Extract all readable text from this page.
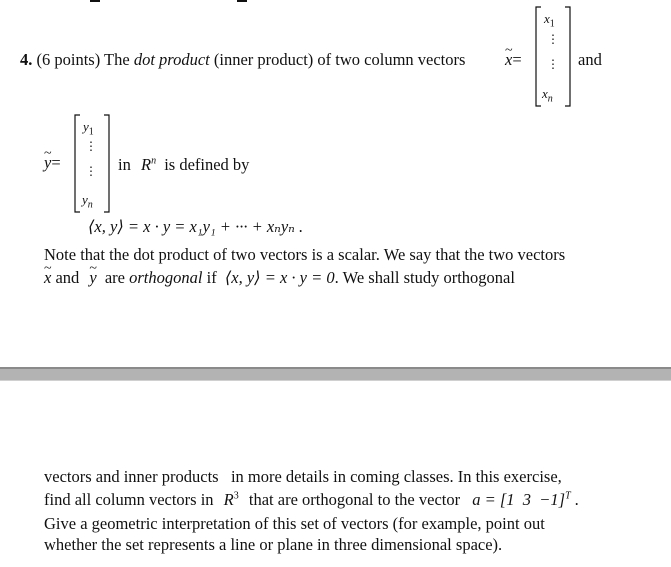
4. (6 points) The dot product (inner product) of two column vectors ~ x=
$x_1$
⋮
⋮
$x_n$
and
~ y=
$y_1$
⋮
⋮
$y_n$
in $R^n$ is defined by
⟨x, y⟩ = x · y = x₁y₁ + ··· + xₙyₙ .
Note that the dot product of two vectors is a scalar. We say that the two vectors
~ x and ~ y are orthogonal if ⟨x, y⟩ = x · y = 0. We shall study orthogonal
vectors and inner products   in more details in coming classes. In this exercise,
find all column vectors in $R^3$ that are orthogonal to the vector a = [1  3  −1]$^T$ .
Give a geometric interpretation of this set of vectors (for example, point out
whether the set represents a line or plane in three dimensional space).
